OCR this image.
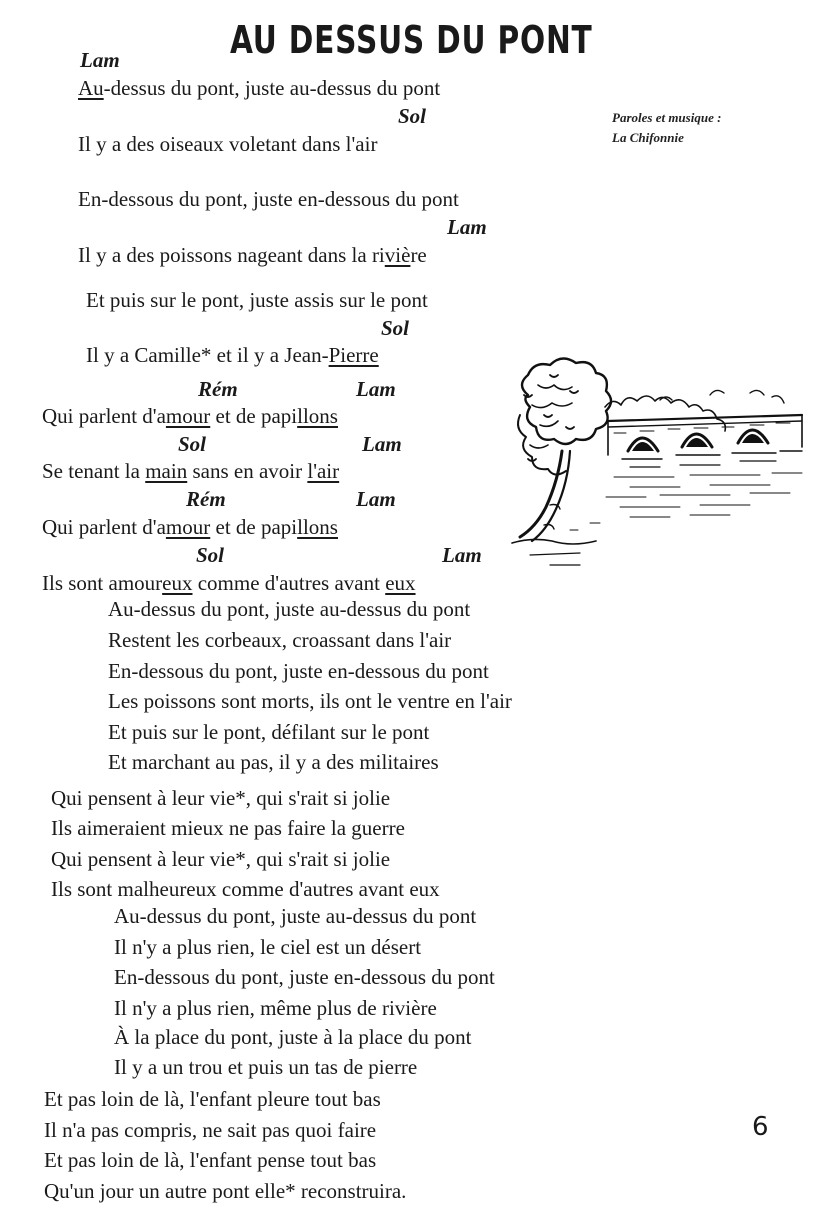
AU DESSUS DU PONT
Paroles et musique :
La Chifonnie
Lam
Au-dessus du pont, juste au-dessus du pont
Sol
Il y a des oiseaux voletant dans l'air
En-dessous du pont, juste en-dessous du pont
Lam
Il y a des poissons nageant dans la rivière
Et puis sur le pont, juste assis sur le pont
Sol
Il y a Camille* et il y a Jean-Pierre
Rém	Lam
Qui parlent d'amour et de papillons
Sol	Lam
Se tenant la main sans en avoir l'air
Rém	Lam
Qui parlent d'amour et de papillons
Sol	Lam
Ils sont amoureux comme d'autres avant eux
Au-dessus du pont, juste au-dessus du pont
Restent les corbeaux, croassant dans l'air
En-dessous du pont, juste en-dessous du pont
Les poissons sont morts, ils ont le ventre en l'air
Et puis sur le pont, défilant sur le pont
Et marchant au pas, il y a des militaires
Qui pensent à leur vie*, qui s'rait si jolie
Ils aimeraient mieux ne pas faire la guerre
Qui pensent à leur vie*, qui s'rait si jolie
Ils sont malheureux comme d'autres avant eux
Au-dessus du pont, juste au-dessus du pont
Il n'y a plus rien, le ciel est un désert
En-dessous du pont, juste en-dessous du pont
Il n'y a plus rien, même plus de rivière
À la place du pont, juste à la place du pont
Il y a un trou et puis un tas de pierre
Et pas loin de là, l'enfant pleure tout bas
Il n'a pas compris, ne sait pas quoi faire
Et pas loin de là, l'enfant pense tout bas
Qu'un jour un autre pont elle* reconstruira.
6
